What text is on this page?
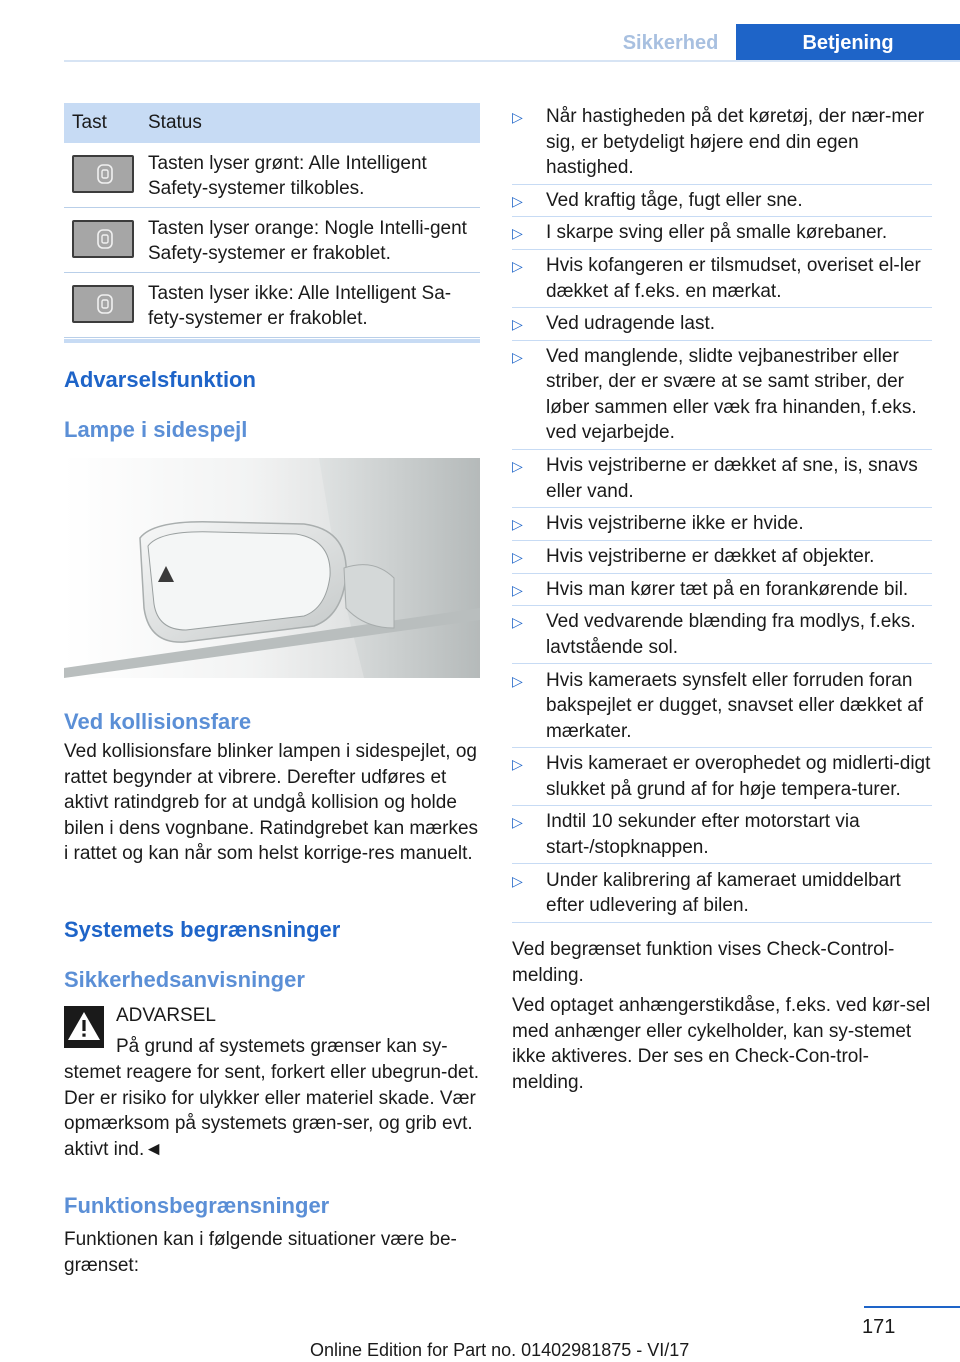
Sikkerhed	Betjening
Tast Status
Tasten lyser grønt: Alle Intelligent Safety-systemer tilkobles.
Tasten lyser orange: Nogle Intelli-gent Safety-systemer er frakoblet.
Tasten lyser ikke: Alle Intelligent Sa-fety-systemer er frakoblet.
Advarselsfunktion
Lampe i sidespejl
Ved kollisionsfare
Ved kollisionsfare blinker lampen i sidespejlet, og rattet begynder at vibrere. Derefter udføres et aktivt ratindgreb for at undgå kollision og holde bilen i dens vognbane. Ratindgrebet kan mærkes i rattet og kan når som helst korrige-res manuelt.
Systemets begrænsninger
Sikkerhedsanvisninger
ADVARSEL
På grund af systemets grænser kan sy-
stemet reagere for sent, forkert eller ubegrun-det. Der er risiko for ulykker eller materiel skade. Vær opmærksom på systemets græn-ser, og grib evt. aktivt ind.◄
Funktionsbegrænsninger
Funktionen kan i følgende situationer være be-grænset:
▷ Når hastigheden på det køretøj, der nær-mer sig, er betydeligt højere end din egen hastighed.
▷ Ved kraftig tåge, fugt eller sne.
▷ I skarpe sving eller på smalle kørebaner.
▷ Hvis kofangeren er tilsmudset, overiset el-ler dækket af f.eks. en mærkat.
▷ Ved udragende last.
▷ Ved manglende, slidte vejbanestriber eller striber, der er svære at se samt striber, der løber sammen eller væk fra hinanden, f.eks. ved vejarbejde.
▷ Hvis vejstriberne er dækket af sne, is, snavs eller vand.
▷ Hvis vejstriberne ikke er hvide.
▷ Hvis vejstriberne er dækket af objekter.
▷ Hvis man kører tæt på en forankørende bil.
▷ Ved vedvarende blænding fra modlys, f.eks. lavtstående sol.
▷ Hvis kameraets synsfelt eller forruden foran bakspejlet er dugget, snavset eller dækket af mærkater.
▷ Hvis kameraet er overophedet og midlerti-digt slukket på grund af for høje tempera-turer.
▷ Indtil 10 sekunder efter motorstart via start-/stopknappen.
▷ Under kalibrering af kameraet umiddelbart efter udlevering af bilen.
Ved begrænset funktion vises Check-Control-melding.
Ved optaget anhængerstikdåse, f.eks. ved kør-sel med anhænger eller cykelholder, kan sy-stemet ikke aktiveres. Der ses en Check-Con-trol-melding.
171
Online Edition for Part no. 01402981875 - VI/17
